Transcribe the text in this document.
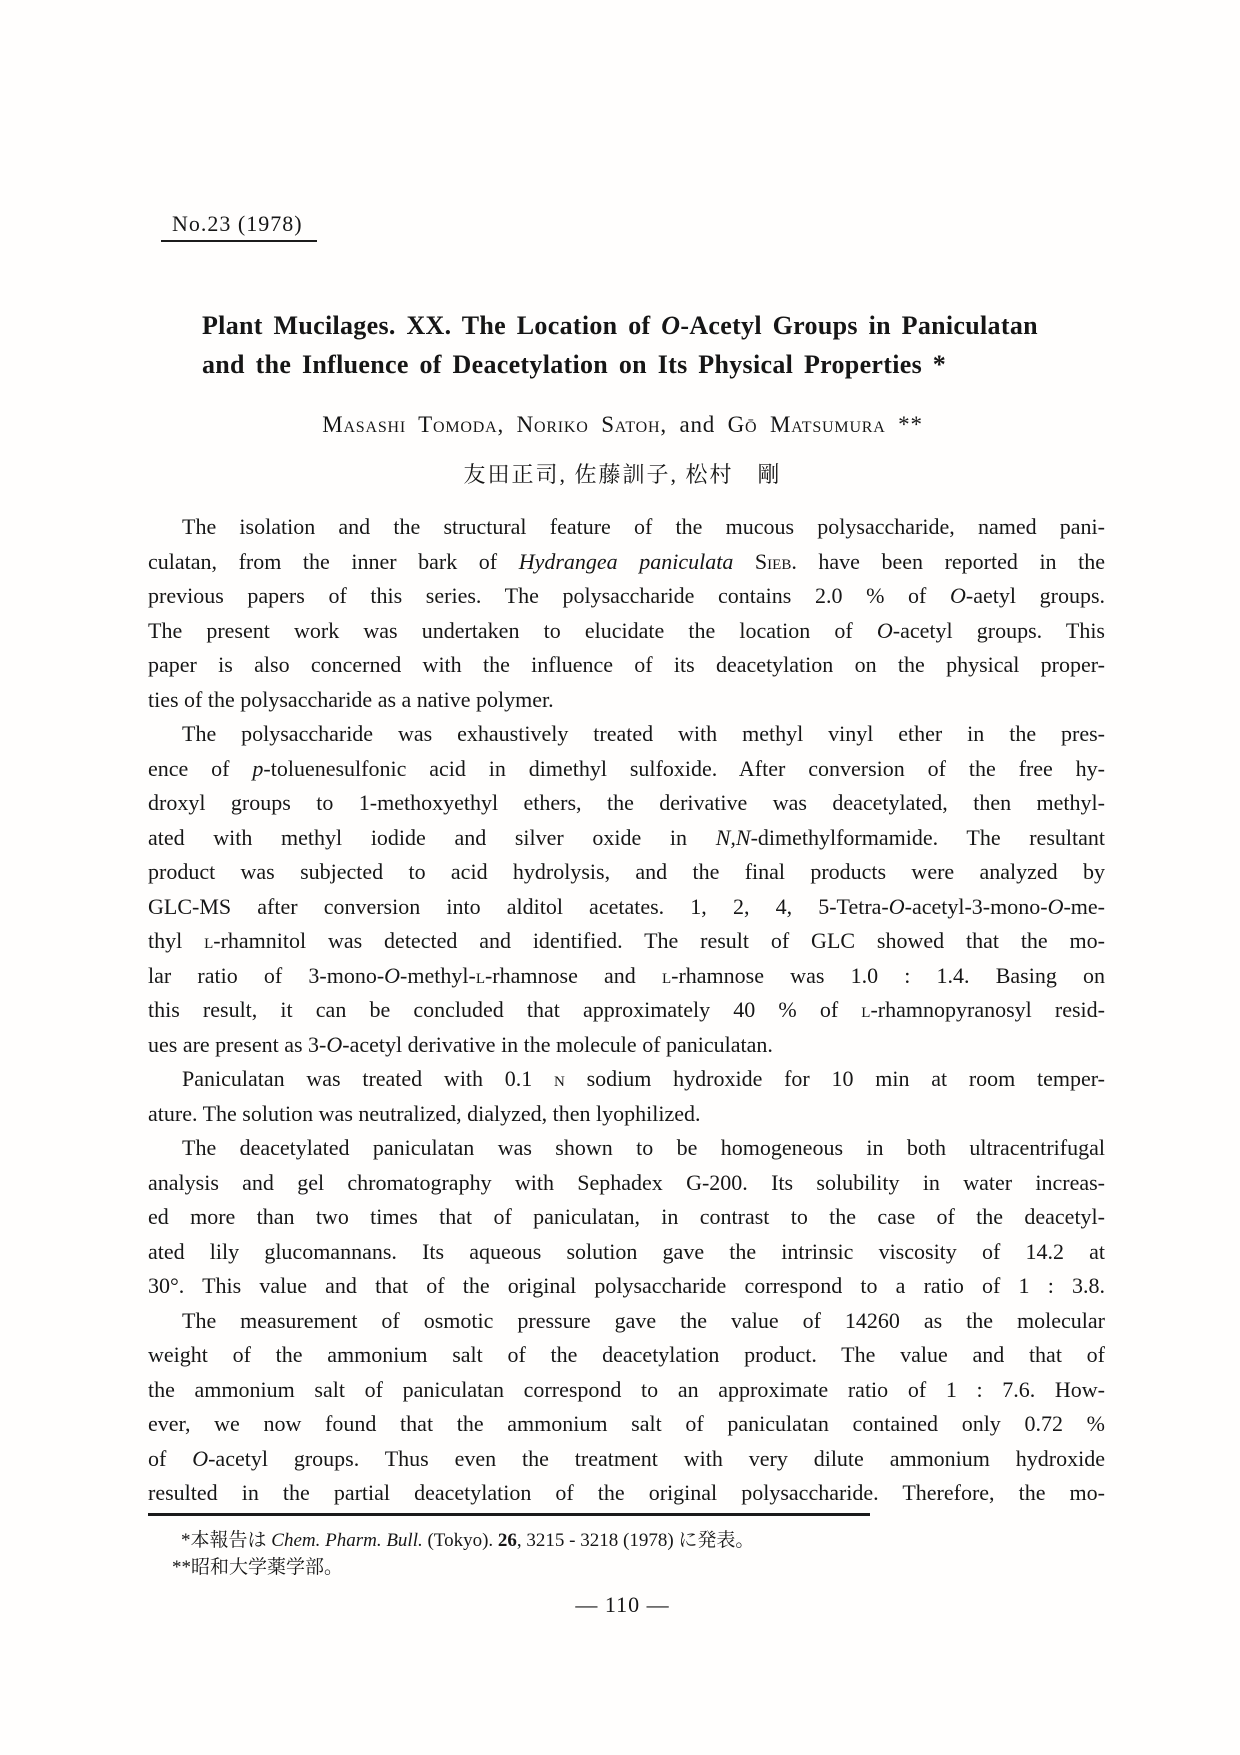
No.23 (1978)
Plant Mucilages. XX. The Location of O-Acetyl Groups in Paniculatan
and the Influence of Deacetylation on Its Physical Properties *
Masashi Tomoda, Noriko Satoh, and Gō Matsumura **
友田正司, 佐藤訓子, 松村　剛
The isolation and the structural feature of the mucous polysaccharide, named pani-
culatan, from the inner bark of Hydrangea paniculata Sieb. have been reported in the
previous papers of this series. The polysaccharide contains 2.0 % of O-aetyl groups.
The present work was undertaken to elucidate the location of O-acetyl groups. This
paper is also concerned with the influence of its deacetylation on the physical proper-
ties of the polysaccharide as a native polymer.
The polysaccharide was exhaustively treated with methyl vinyl ether in the pres-
ence of p-toluenesulfonic acid in dimethyl sulfoxide. After conversion of the free hy-
droxyl groups to 1-methoxyethyl ethers, the derivative was deacetylated, then methyl-
ated with methyl iodide and silver oxide in N,N-dimethylformamide. The resultant
product was subjected to acid hydrolysis, and the final products were analyzed by
GLC-MS after conversion into alditol acetates. 1, 2, 4, 5-Tetra-O-acetyl-3-mono-O-me-
thyl l-rhamnitol was detected and identified. The result of GLC showed that the mo-
lar ratio of 3-mono-O-methyl-l-rhamnose and l-rhamnose was 1.0 : 1.4. Basing on
this result, it can be concluded that approximately 40 % of l-rhamnopyranosyl resid-
ues are present as 3-O-acetyl derivative in the molecule of paniculatan.
Paniculatan was treated with 0.1 n sodium hydroxide for 10 min at room temper-
ature. The solution was neutralized, dialyzed, then lyophilized.
The deacetylated paniculatan was shown to be homogeneous in both ultracentrifugal
analysis and gel chromatography with Sephadex G-200. Its solubility in water increas-
ed more than two times that of paniculatan, in contrast to the case of the deacetyl-
ated lily glucomannans. Its aqueous solution gave the intrinsic viscosity of 14.2 at
30°. This value and that of the original polysaccharide correspond to a ratio of 1 : 3.8.
The measurement of osmotic pressure gave the value of 14260 as the molecular
weight of the ammonium salt of the deacetylation product. The value and that of
the ammonium salt of paniculatan correspond to an approximate ratio of 1 : 7.6. How-
ever, we now found that the ammonium salt of paniculatan contained only 0.72 %
of O-acetyl groups. Thus even the treatment with very dilute ammonium hydroxide
resulted in the partial deacetylation of the original polysaccharide. Therefore, the mo-
*本報告は Chem. Pharm. Bull. (Tokyo). 26, 3215 - 3218 (1978) に発表。
**昭和大学薬学部。
— 110 —
